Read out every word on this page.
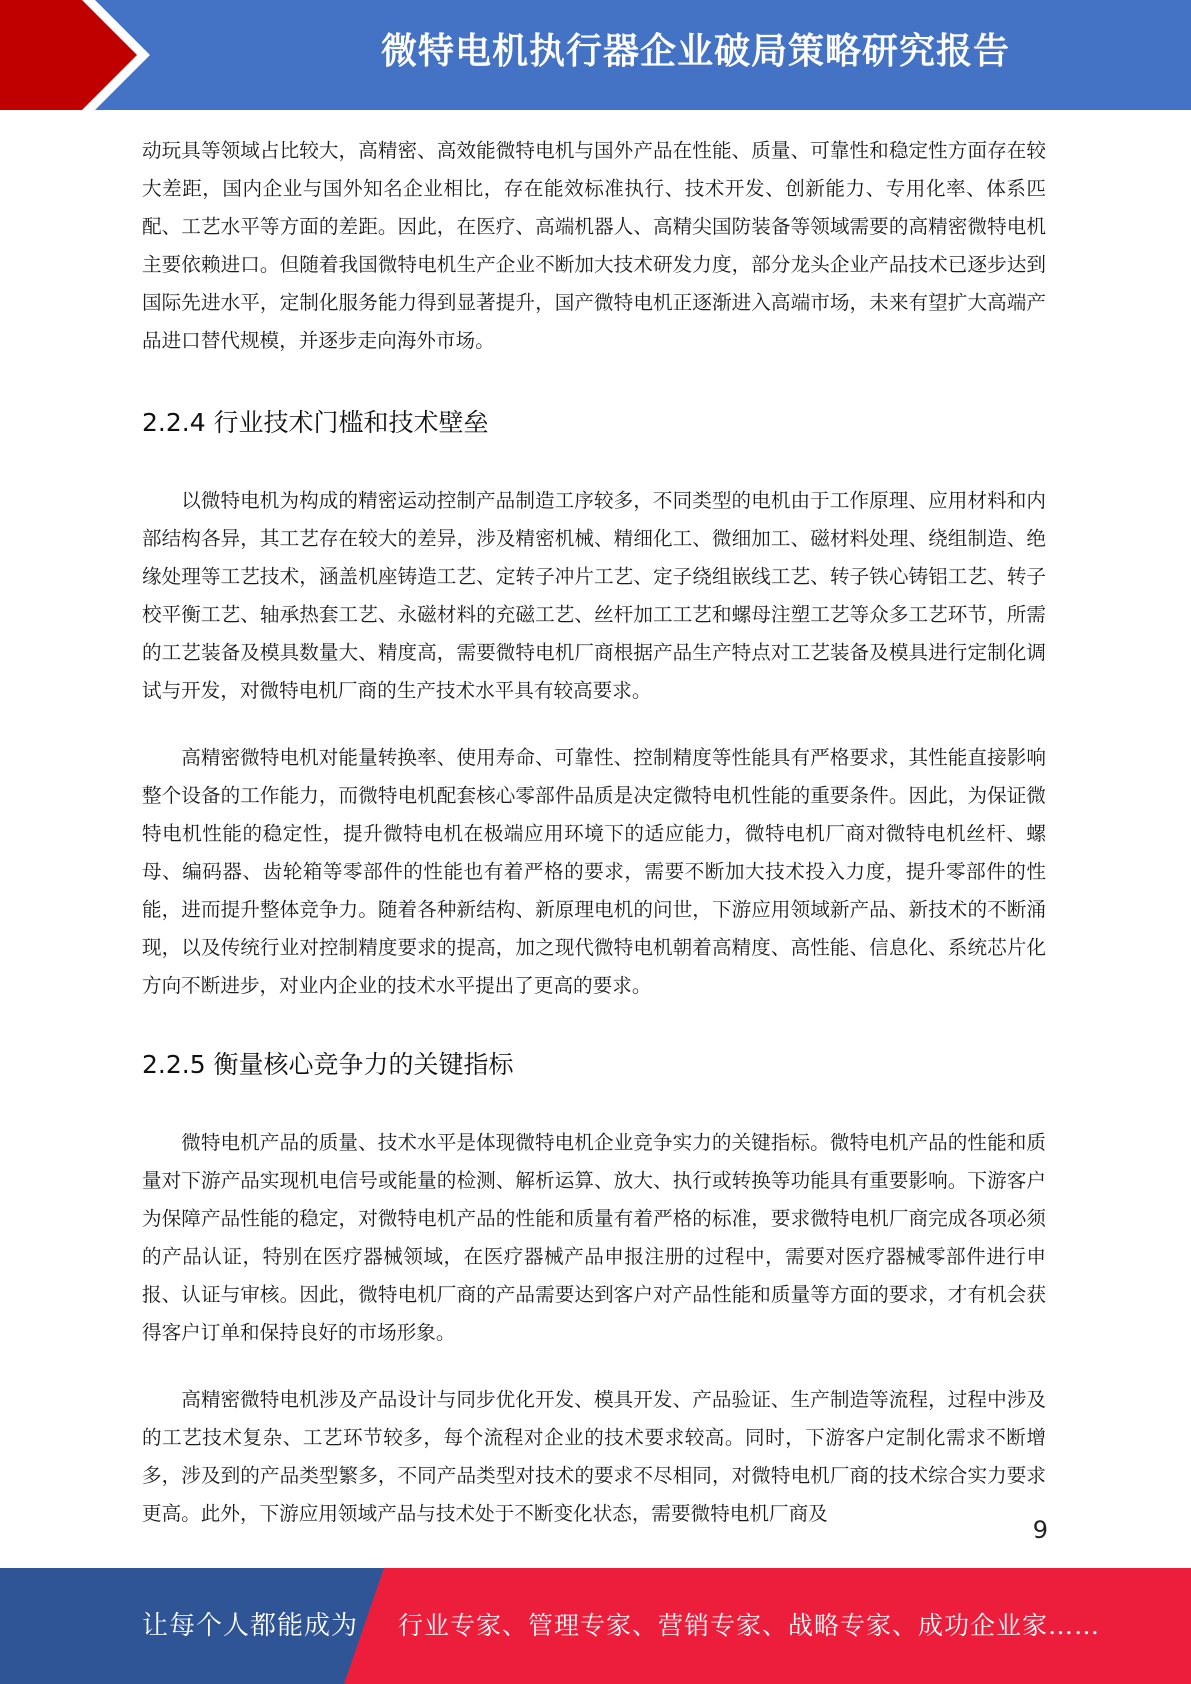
微特电机执行器企业破局策略研究报告

动玩具等领域占比较大，高精密、高效能微特电机与国外产品在性能、质量、可靠性和稳定性方面存在较大差距，国内企业与国外知名企业相比，存在能效标准执行、技术开发、创新能力、专用化率、体系匹配、工艺水平等方面的差距。因此，在医疗、高端机器人、高精尖国防装备等领域需要的高精密微特电机主要依赖进口。但随着我国微特电机生产企业不断加大技术研发力度，部分龙头企业产品技术已逐步达到国际先进水平，定制化服务能力得到显著提升，国产微特电机正逐渐进入高端市场，未来有望扩大高端产品进口替代规模，并逐步走向海外市场。

2.2.4 行业技术门槛和技术壁垒

以微特电机为构成的精密运动控制产品制造工序较多，不同类型的电机由于工作原理、应用材料和内部结构各异，其工艺存在较大的差异，涉及精密机械、精细化工、微细加工、磁材料处理、绕组制造、绝缘处理等工艺技术，涵盖机座铸造工艺、定转子冲片工艺、定子绕组嵌线工艺、转子铁心铸铝工艺、转子校平衡工艺、轴承热套工艺、永磁材料的充磁工艺、丝杆加工工艺和螺母注塑工艺等众多工艺环节，所需的工艺装备及模具数量大、精度高，需要微特电机厂商根据产品生产特点对工艺装备及模具进行定制化调试与开发，对微特电机厂商的生产技术水平具有较高要求。

高精密微特电机对能量转换率、使用寿命、可靠性、控制精度等性能具有严格要求，其性能直接影响整个设备的工作能力，而微特电机配套核心零部件品质是决定微特电机性能的重要条件。因此，为保证微特电机性能的稳定性，提升微特电机在极端应用环境下的适应能力，微特电机厂商对微特电机丝杆、螺母、编码器、齿轮箱等零部件的性能也有着严格的要求，需要不断加大技术投入力度，提升零部件的性能，进而提升整体竞争力。随着各种新结构、新原理电机的问世，下游应用领域新产品、新技术的不断涌现，以及传统行业对控制精度要求的提高，加之现代微特电机朝着高精度、高性能、信息化、系统芯片化方向不断进步，对业内企业的技术水平提出了更高的要求。

2.2.5 衡量核心竞争力的关键指标

微特电机产品的质量、技术水平是体现微特电机企业竞争实力的关键指标。微特电机产品的性能和质量对下游产品实现机电信号或能量的检测、解析运算、放大、执行或转换等功能具有重要影响。下游客户为保障产品性能的稳定，对微特电机产品的性能和质量有着严格的标准，要求微特电机厂商完成各项必须的产品认证，特别在医疗器械领域，在医疗器械产品申报注册的过程中，需要对医疗器械零部件进行申报、认证与审核。因此，微特电机厂商的产品需要达到客户对产品性能和质量等方面的要求，才有机会获得客户订单和保持良好的市场形象。

高精密微特电机涉及产品设计与同步优化开发、模具开发、产品验证、生产制造等流程，过程中涉及的工艺技术复杂、工艺环节较多，每个流程对企业的技术要求较高。同时，下游客户定制化需求不断增多，涉及到的产品类型繁多，不同产品类型对技术的要求不尽相同，对微特电机厂商的技术综合实力要求更高。此外，下游应用领域产品与技术处于不断变化状态，需要微特电机厂商及

9
让每个人都能成为 行业专家、管理专家、营销专家、战略专家、成功企业家……
